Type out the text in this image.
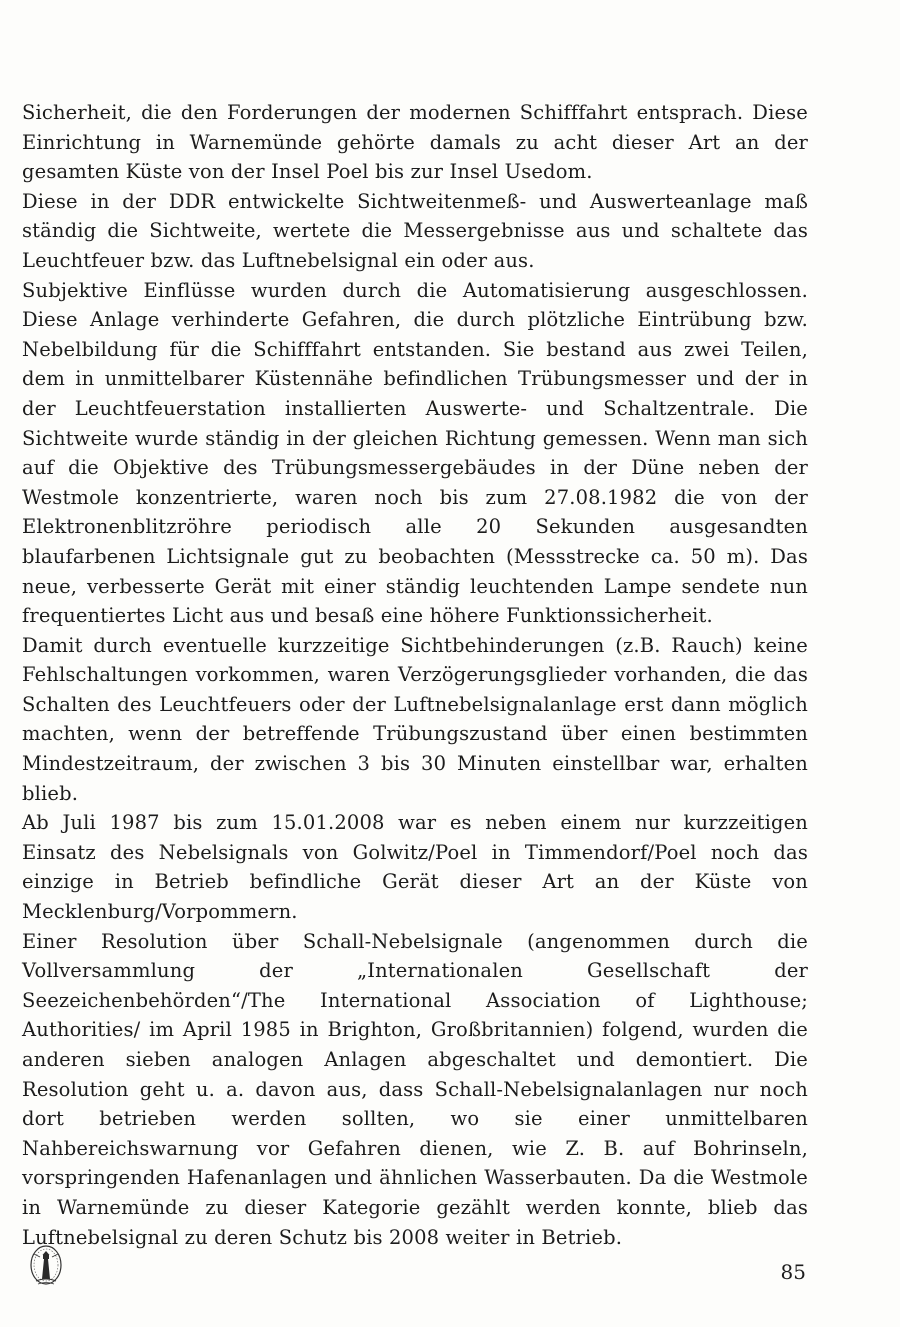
Sicherheit, die den Forderungen der modernen Schifffahrt entsprach. Diese Einrichtung in Warnemünde gehörte damals zu acht dieser Art an der gesamten Küste von der Insel Poel bis zur Insel Usedom.

Diese in der DDR entwickelte Sichtweitenmeß- und Auswerteanlage maß ständig die Sichtweite, wertete die Messergebnisse aus und schaltete das Leuchtfeuer bzw. das Luftnebelsignal ein oder aus.

Subjektive Einflüsse wurden durch die Automatisierung ausgeschlossen. Diese Anlage verhinderte Gefahren, die durch plötzliche Eintrübung bzw. Nebelbildung für die Schifffahrt entstanden. Sie bestand aus zwei Teilen, dem in unmittelbarer Küstennähe befindlichen Trübungsmesser und der in der Leuchtfeuerstation installierten Auswerte- und Schaltzentrale. Die Sichtweite wurde ständig in der gleichen Richtung gemessen. Wenn man sich auf die Objektive des Trübungsmessergebäudes in der Düne neben der Westmole konzentrierte, waren noch bis zum 27.08.1982 die von der Elektronenblitzröhre periodisch alle 20 Sekunden ausgesandten blaufarbenen Lichtsignale gut zu beobachten (Messstrecke ca. 50 m). Das neue, verbesserte Gerät mit einer ständig leuchtenden Lampe sendete nun frequentiertes Licht aus und besaß eine höhere Funktionssicherheit.

Damit durch eventuelle kurzzeitige Sichtbehinderungen (z.B. Rauch) keine Fehlschaltungen vorkommen, waren Verzögerungsglieder vorhanden, die das Schalten des Leuchtfeuers oder der Luftnebelsignalanlage erst dann möglich machten, wenn der betreffende Trübungszustand über einen bestimmten Mindestzeitraum, der zwischen 3 bis 30 Minuten einstellbar war, erhalten blieb.

Ab Juli 1987 bis zum 15.01.2008 war es neben einem nur kurzzeitigen Einsatz des Nebelsignals von Golwitz/Poel in Timmendorf/Poel noch das einzige in Betrieb befindliche Gerät dieser Art an der Küste von Mecklenburg/Vorpommern.

Einer Resolution über Schall-Nebelsignale (angenommen durch die Vollversammlung der „Internationalen Gesellschaft der Seezeichenbehörden“/The International Association of Lighthouse; Authorities/ im April 1985 in Brighton, Großbritannien) folgend, wurden die anderen sieben analogen Anlagen abgeschaltet und demontiert. Die Resolution geht u. a. davon aus, dass Schall-Nebelsignalanlagen nur noch dort betrieben werden sollten, wo sie einer unmittelbaren Nahbereichswarnung vor Gefahren dienen, wie Z. B. auf Bohrinseln, vorspringenden Hafenanlagen und ähnlichen Wasserbauten. Da die Westmole in Warnemünde zu dieser Kategorie gezählt werden konnte, blieb das Luftnebelsignal zu deren Schutz bis 2008 weiter in Betrieb.

85
